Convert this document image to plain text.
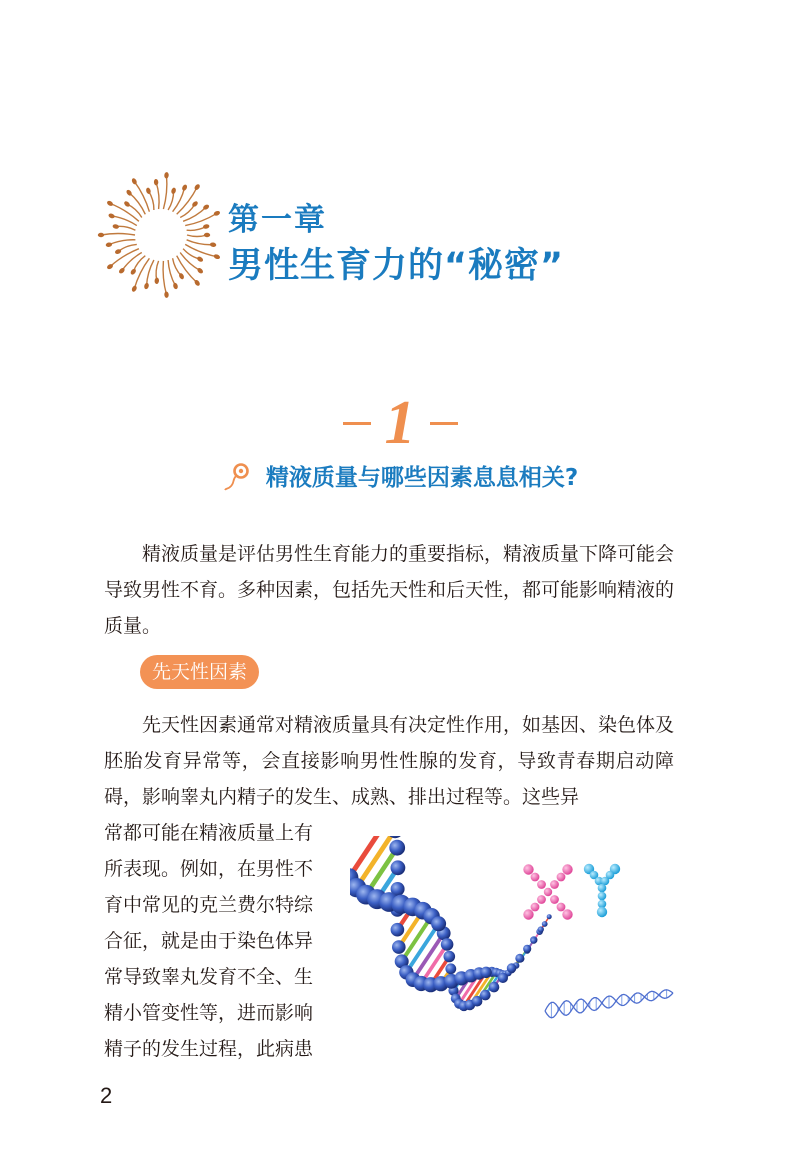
第一章
男性生育力的“秘密”
1
精液质量与哪些因素息息相关?
精液质量是评估男性生育能力的重要指标，精液质量下降可能会导致男性不育。多种因素，包括先天性和后天性，都可能影响精液的质量。
先天性因素
先天性因素通常对精液质量具有决定性作用，如基因、染色体及胚胎发育异常等，会直接影响男性性腺的发育，导致青春期启动障碍，影响睾丸内精子的发生、成熟、排出过程等。这些异
常都可能在精液质量上有
所表现。例如，在男性不
育中常见的克兰费尔特综
合征，就是由于染色体异
常导致睾丸发育不全、生
精小管变性等，进而影响
精子的发生过程，此病患
2
